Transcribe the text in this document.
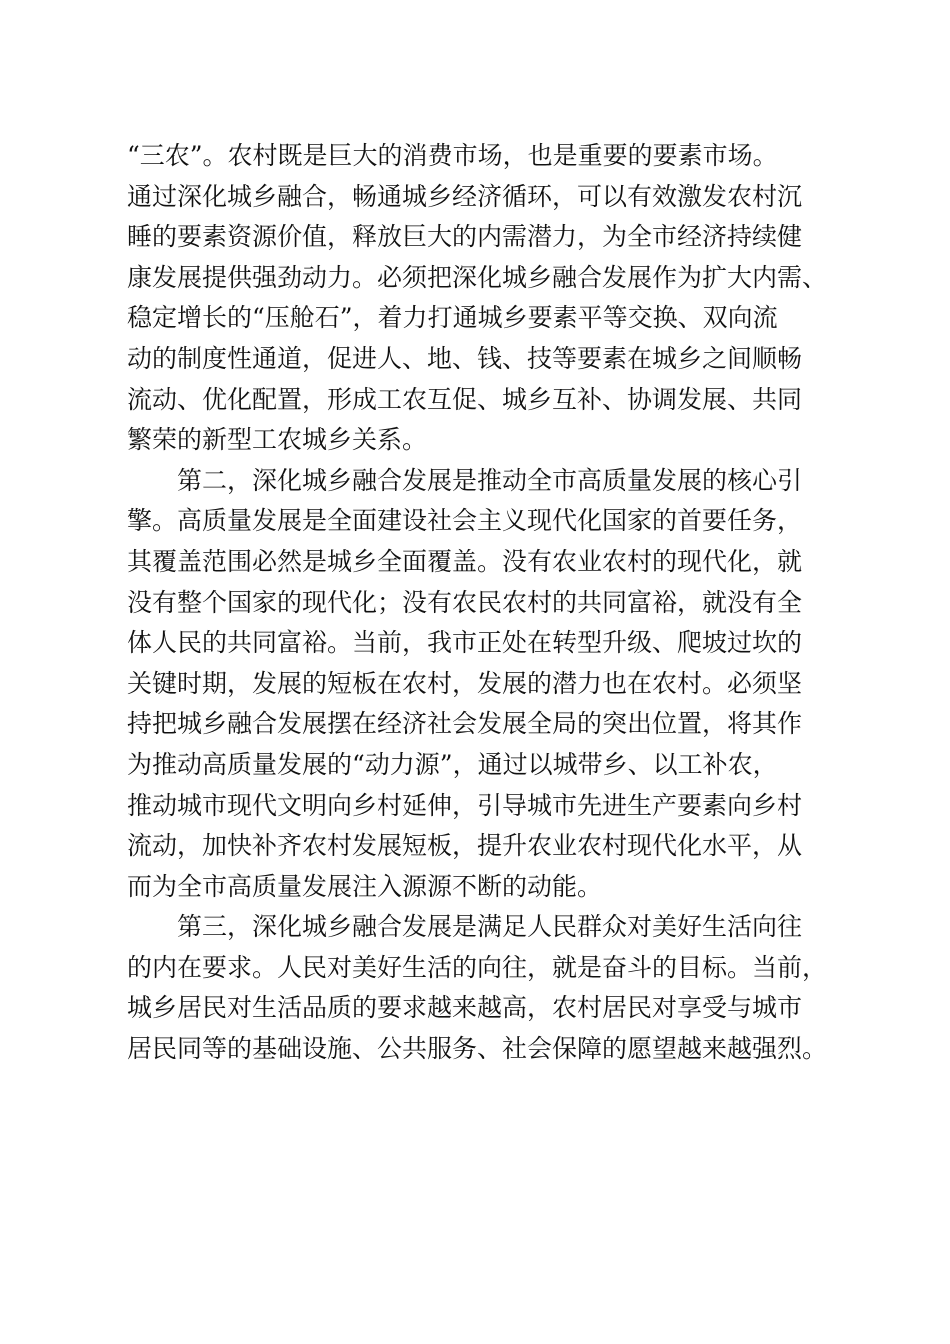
“三农”。农村既是巨大的消费市场，也是重要的要素市场。
通过深化城乡融合，畅通城乡经济循环，可以有效激发农村沉
睡的要素资源价值，释放巨大的内需潜力，为全市经济持续健
康发展提供强劲动力。必须把深化城乡融合发展作为扩大内需、
稳定增长的“压舱石”，着力打通城乡要素平等交换、双向流
动的制度性通道，促进人、地、钱、技等要素在城乡之间顺畅
流动、优化配置，形成工农互促、城乡互补、协调发展、共同
繁荣的新型工农城乡关系。
第二，深化城乡融合发展是推动全市高质量发展的核心引
擎。高质量发展是全面建设社会主义现代化国家的首要任务，
其覆盖范围必然是城乡全面覆盖。没有农业农村的现代化，就
没有整个国家的现代化；没有农民农村的共同富裕，就没有全
体人民的共同富裕。当前，我市正处在转型升级、爬坡过坎的
关键时期，发展的短板在农村，发展的潜力也在农村。必须坚
持把城乡融合发展摆在经济社会发展全局的突出位置，将其作
为推动高质量发展的“动力源”，通过以城带乡、以工补农，
推动城市现代文明向乡村延伸，引导城市先进生产要素向乡村
流动，加快补齐农村发展短板，提升农业农村现代化水平，从
而为全市高质量发展注入源源不断的动能。
第三，深化城乡融合发展是满足人民群众对美好生活向往
的内在要求。人民对美好生活的向往，就是奋斗的目标。当前，
城乡居民对生活品质的要求越来越高，农村居民对享受与城市
居民同等的基础设施、公共服务、社会保障的愿望越来越强烈。
